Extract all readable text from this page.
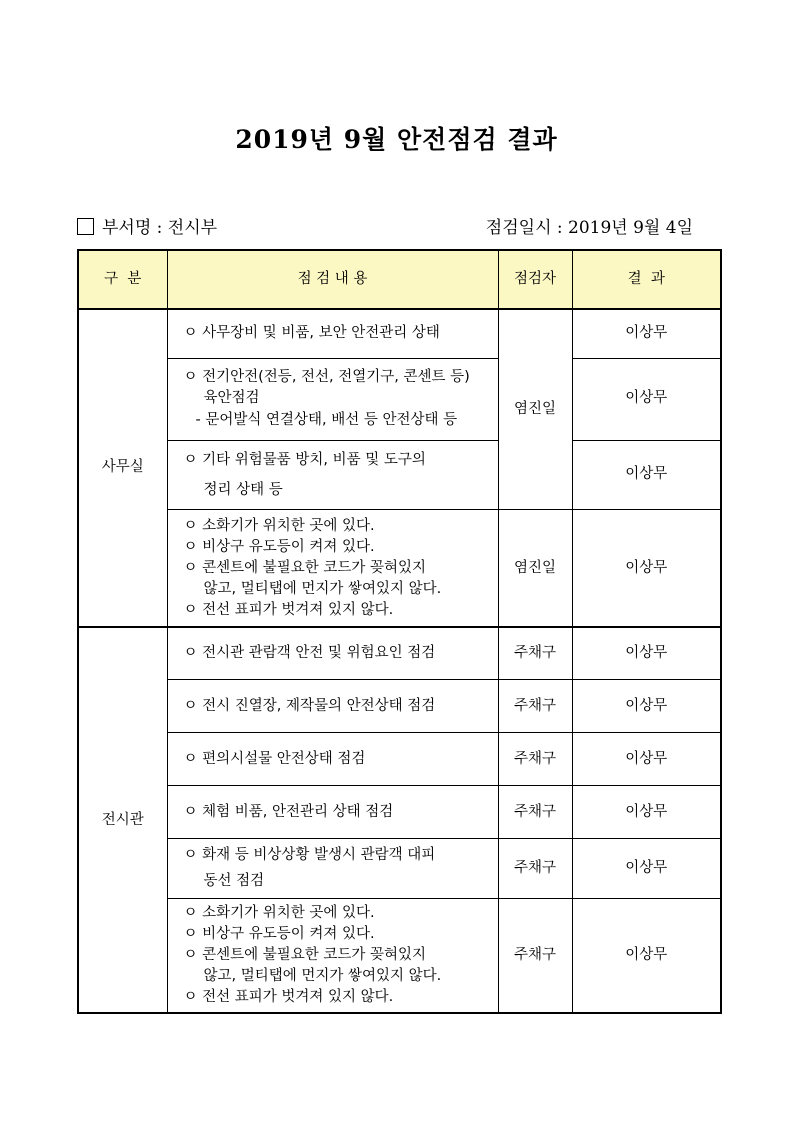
2019년 9월 안전점검 결과
부서명 : 전시부	점검일시 : 2019년 9월 4일
구  분	점 검 내 용	점검자	결  과
사무실	ㅇ 사무장비 및 비품, 보안 안전관리 상태	염진일	이상무

	ㅇ 전기안전(전등, 전선, 전열기구, 콘센트 등)
육안점검
- 문어발식 연결상태, 배선 등 안전상태 등		이상무

	ㅇ 기타 위험물품 방치, 비품 및 도구의
정리 상태 등		이상무

	ㅇ 소화기가 위치한 곳에 있다.
ㅇ 비상구 유도등이 켜져 있다.
ㅇ 콘센트에 불필요한 코드가 꽂혀있지
않고, 멀티탭에 먼지가 쌓여있지 않다.
ㅇ 전선 표피가 벗겨져 있지 않다.	염진일	이상무
전시관	ㅇ 전시관 관람객 안전 및 위험요인 점검	주채구	이상무

	ㅇ 전시 진열장, 제작물의 안전상태 점검	주채구	이상무

	ㅇ 편의시설물 안전상태 점검	주채구	이상무

	ㅇ 체험 비품, 안전관리 상태 점검	주채구	이상무

	ㅇ 화재 등 비상상황 발생시 관람객 대피
동선 점검	주채구	이상무

	ㅇ 소화기가 위치한 곳에 있다.
ㅇ 비상구 유도등이 켜져 있다.
ㅇ 콘센트에 불필요한 코드가 꽂혀있지
않고, 멀티탭에 먼지가 쌓여있지 않다.
ㅇ 전선 표피가 벗겨져 있지 않다.	주채구	이상무
